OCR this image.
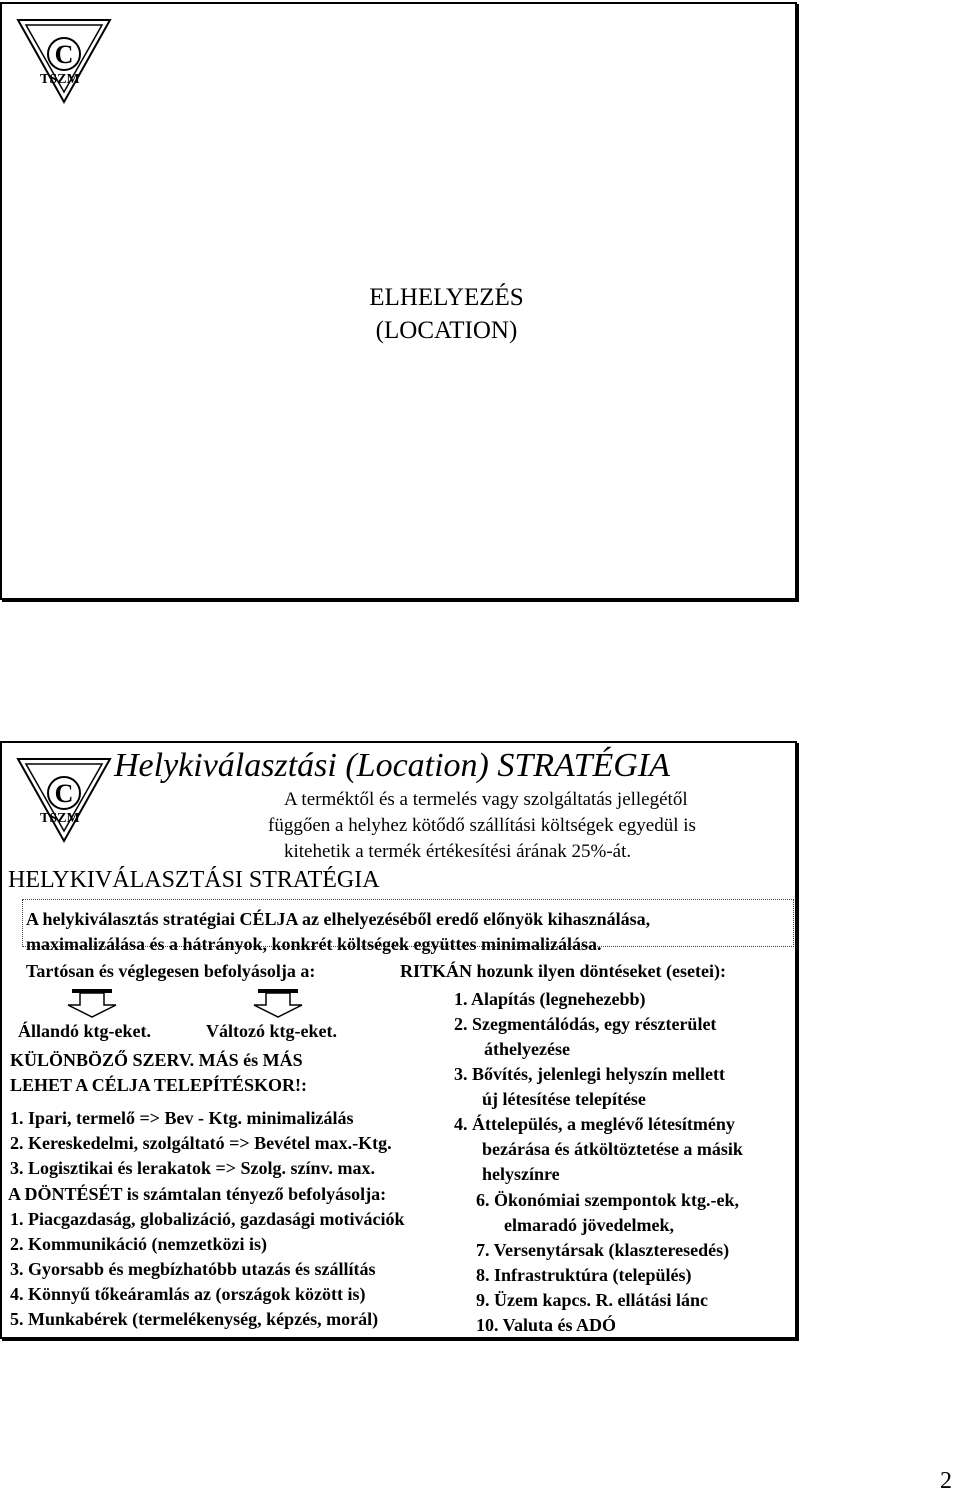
C
TSZM
ELHELYEZÉS
(LOCATION)
C
TSZM
Helykiválasztási (Location) STRATÉGIA
A terméktől és a termelés vagy szolgáltatás jellegétől
függően a helyhez kötődő szállítási költségek egyedül is
kitehetik a termék értékesítési árának 25%-át.
HELYKIVÁLASZTÁSI STRATÉGIA
A helykiválasztás stratégiai CÉLJA az elhelyezéséből eredő előnyök kihasználása,
maximalizálása és a hátrányok, konkrét költségek együttes minimalizálása.
Tartósan és véglegesen befolyásolja a:	RITKÁN hozunk ilyen döntéseket (esetei):
Állandó ktg-eket.	Változó ktg-eket.
KÜLÖNBÖZŐ SZERV. MÁS és MÁS
LEHET A CÉLJA TELEPÍTÉSKOR!:
1. Ipari, termelő => Bev - Ktg. minimalizálás
2. Kereskedelmi, szolgáltató => Bevétel max.-Ktg.
3. Logisztikai és lerakatok => Szolg. színv. max.
A DÖNTÉSÉT is számtalan tényező befolyásolja:
1. Piacgazdaság, globalizáció, gazdasági motivációk
2. Kommunikáció (nemzetközi is)
3. Gyorsabb és megbízhatóbb utazás és szállítás
4. Könnyű tőkeáramlás az (országok között is)
5. Munkabérek (termelékenység, képzés, morál)
1. Alapítás (legnehezebb)
2. Szegmentálódás, egy részterület
áthelyezése
3. Bővítés, jelenlegi helyszín mellett
új létesítése telepítése
4. Áttelepülés, a meglévő létesítmény
bezárása és átköltöztetése a másik
helyszínre
6. Ökonómiai szempontok ktg.-ek,
elmaradó jövedelmek,
7. Versenytársak (klaszteresedés)
8. Infrastruktúra (település)
9. Üzem kapcs. R. ellátási lánc
10. Valuta és ADÓ
2
